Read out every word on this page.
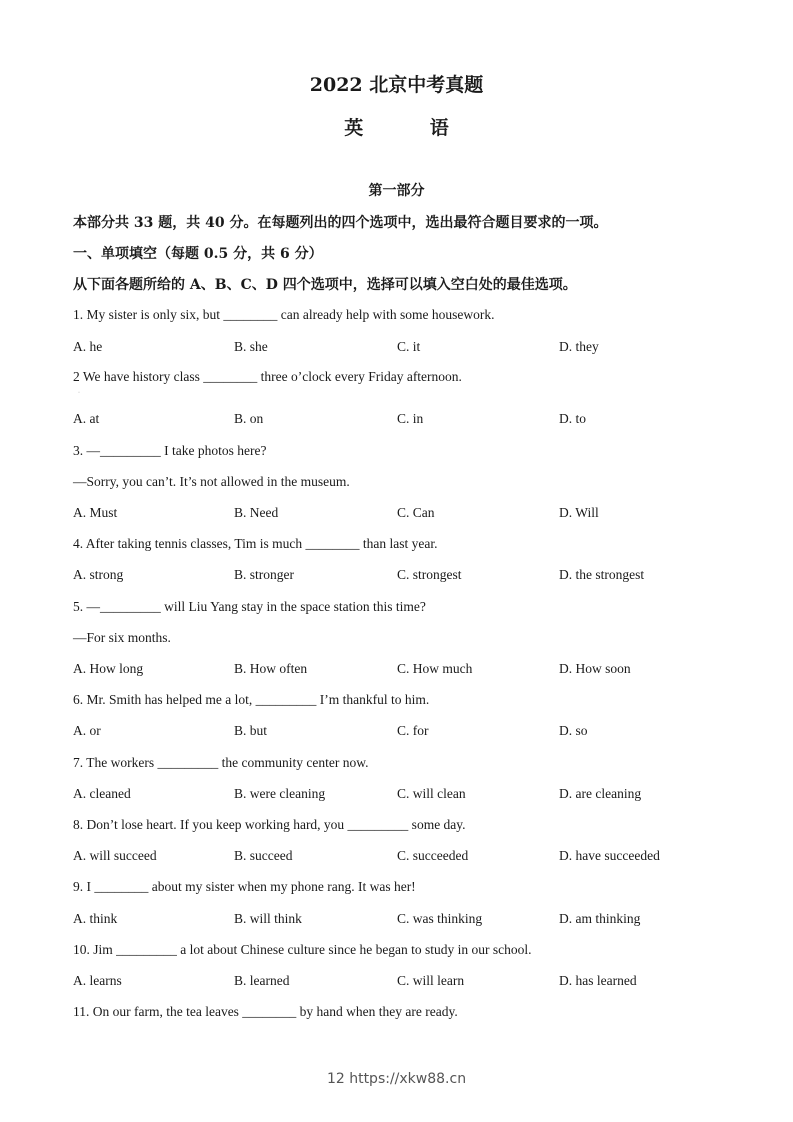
2022 北京中考真题
英 语
第一部分
本部分共 33 题，共 40 分。在每题列出的四个选项中，选出最符合题目要求的一项。
一、单项填空（每题 0.5 分，共 6 分）
从下面各题所给的 A、B、C、D 四个选项中，选择可以填入空白处的最佳选项。
1. My sister is only six, but ________ can already help with some housework.
A. he	B. she	C. it	D. they
2 We have history class ________ three o’clock every Friday afternoon.
·
A. at	B. on	C. in	D. to
3. —_________ I take photos here?
—Sorry, you can’t. It’s not allowed in the museum.
A. Must	B. Need	C. Can	D. Will
4. After taking tennis classes, Tim is much ________ than last year.
A. strong	B. stronger	C. strongest	D. the strongest
5. —_________ will Liu Yang stay in the space station this time?
—For six months.
A. How long	B. How often	C. How much	D. How soon
6. Mr. Smith has helped me a lot, _________ I’m thankful to him.
A. or	B. but	C. for	D. so
7. The workers _________ the community center now.
A. cleaned	B. were cleaning	C. will clean	D. are cleaning
8. Don’t lose heart. If you keep working hard, you _________ some day.
A. will succeed	B. succeed	C. succeeded	D. have succeeded
9. I ________ about my sister when my phone rang. It was her!
A. think	B. will think	C. was thinking	D. am thinking
10. Jim _________ a lot about Chinese culture since he began to study in our school.
A. learns	B. learned	C. will learn	D. has learned
11. On our farm, the tea leaves ________ by hand when they are ready.
12 https://xkw88.cn
